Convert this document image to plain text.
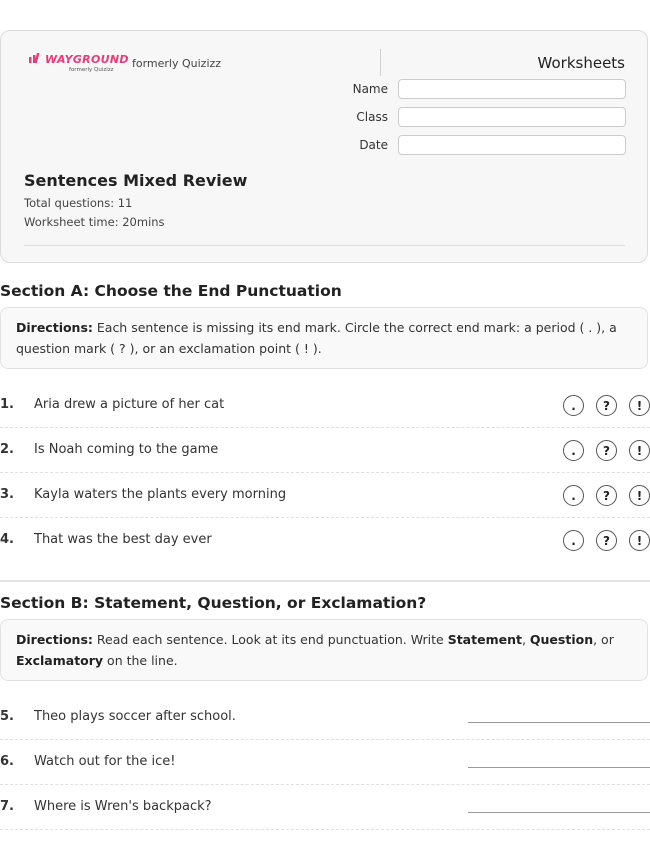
WAYGROUND
formerly Quizizz	formerly Quizizz	Worksheets
Name
Class
Date
Sentences Mixed Review
Total questions: 11
Worksheet time: 20mins
Section A: Choose the End Punctuation
Directions: Each sentence is missing its end mark. Circle the correct end mark: a period ( . ), a question mark ( ? ), or an exclamation point ( ! ).
1. Aria drew a picture of her cat	.	?	!
2. Is Noah coming to the game	.	?	!
3. Kayla waters the plants every morning	.	?	!
4. That was the best day ever	.	?	!
Section B: Statement, Question, or Exclamation?
Directions: Read each sentence. Look at its end punctuation. Write Statement, Question, or Exclamatory on the line.
5. Theo plays soccer after school.
6. Watch out for the ice!
7. Where is Wren's backpack?
